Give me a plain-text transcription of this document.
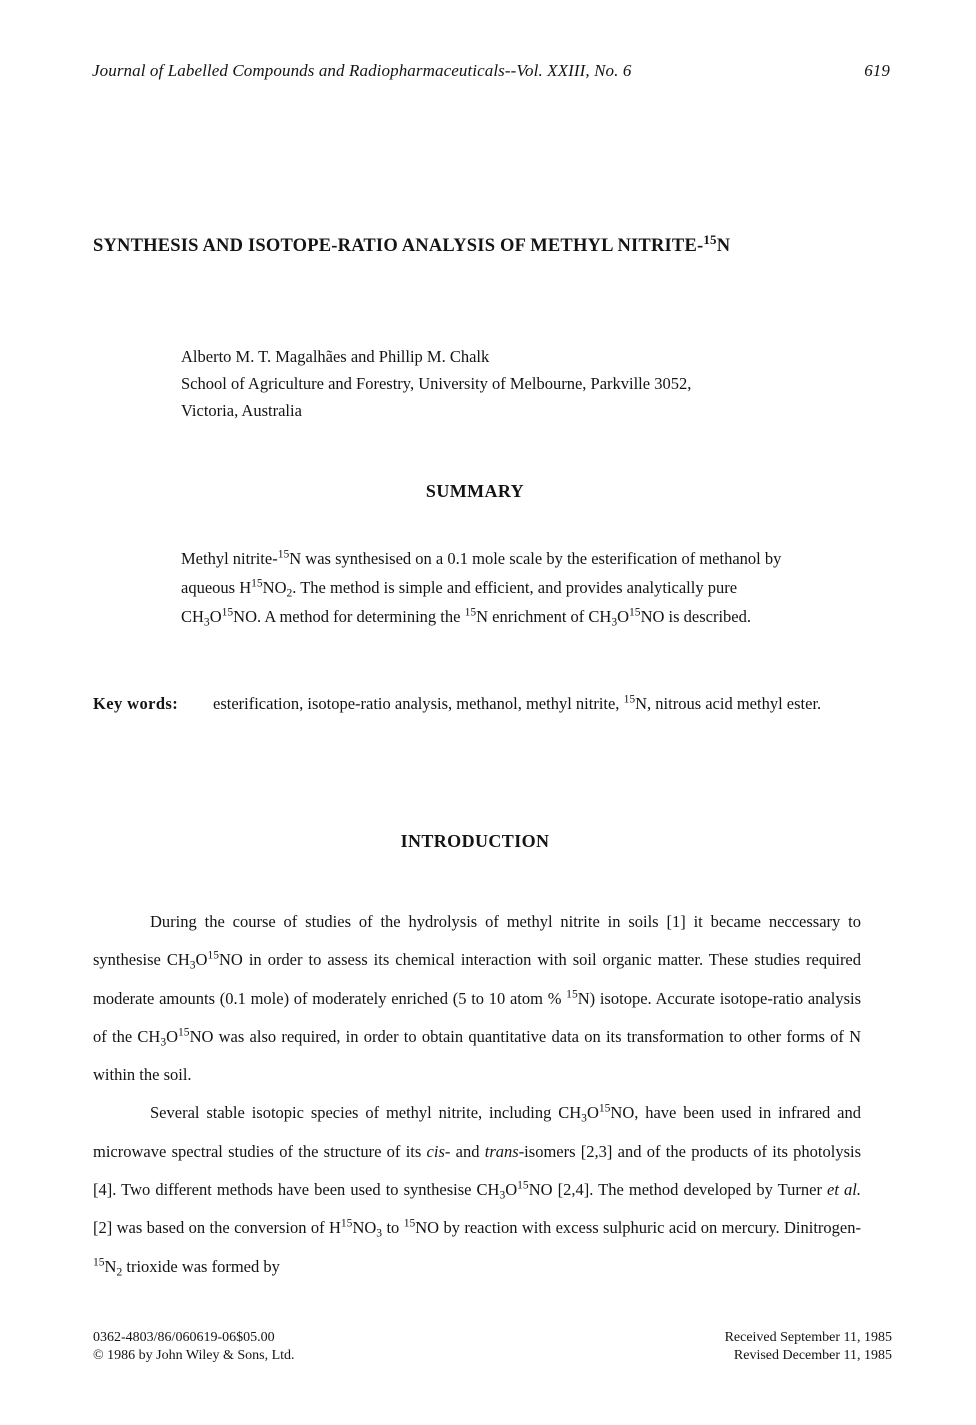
Journal of Labelled Compounds and Radiopharmaceuticals--Vol. XXIII, No. 6	619
SYNTHESIS AND ISOTOPE-RATIO ANALYSIS OF METHYL NITRITE-$^{15}$N
Alberto M. T. Magalhães and Phillip M. Chalk
School of Agriculture and Forestry, University of Melbourne, Parkville 3052,
Victoria, Australia
SUMMARY
Methyl nitrite-$^{15}$N was synthesised on a 0.1 mole scale by the esterification of methanol by aqueous $H^{15}NO_2$. The method is simple and efficient, and provides analytically pure $CH_3O^{15}NO$. A method for determining the $^{15}$N enrichment of $CH_3O^{15}NO$ is described.
Key words:	esterification, isotope-ratio analysis, methanol, methyl nitrite, $^{15}$N, nitrous acid methyl ester.
INTRODUCTION

During the course of studies of the hydrolysis of methyl nitrite in soils [1] it became neccessary to synthesise $CH_3O^{15}NO$ in order to assess its chemical interaction with soil organic matter. These studies required moderate amounts (0.1 mole) of moderately enriched (5 to 10 atom % $^{15}$N) isotope. Accurate isotope-ratio analysis of the $CH_3O^{15}NO$ was also required, in order to obtain quantitative data on its transformation to other forms of N within the soil.

Several stable isotopic species of methyl nitrite, including $CH_3O^{15}NO$, have been used in infrared and microwave spectral studies of the structure of its cis- and trans-isomers [2,3] and of the products of its photolysis [4]. Two different methods have been used to synthesise $CH_3O^{15}NO$ [2,4]. The method developed by Turner et al. [2] was based on the conversion of $H^{15}NO_3$ to $^{15}$NO by reaction with excess sulphuric acid on mercury. Dinitrogen-$^{15}N_2$ trioxide was formed by

0362-4803/86/060619-06$05.00
© 1986 by John Wiley & Sons, Ltd.
Received September 11, 1985
Revised December 11, 1985
